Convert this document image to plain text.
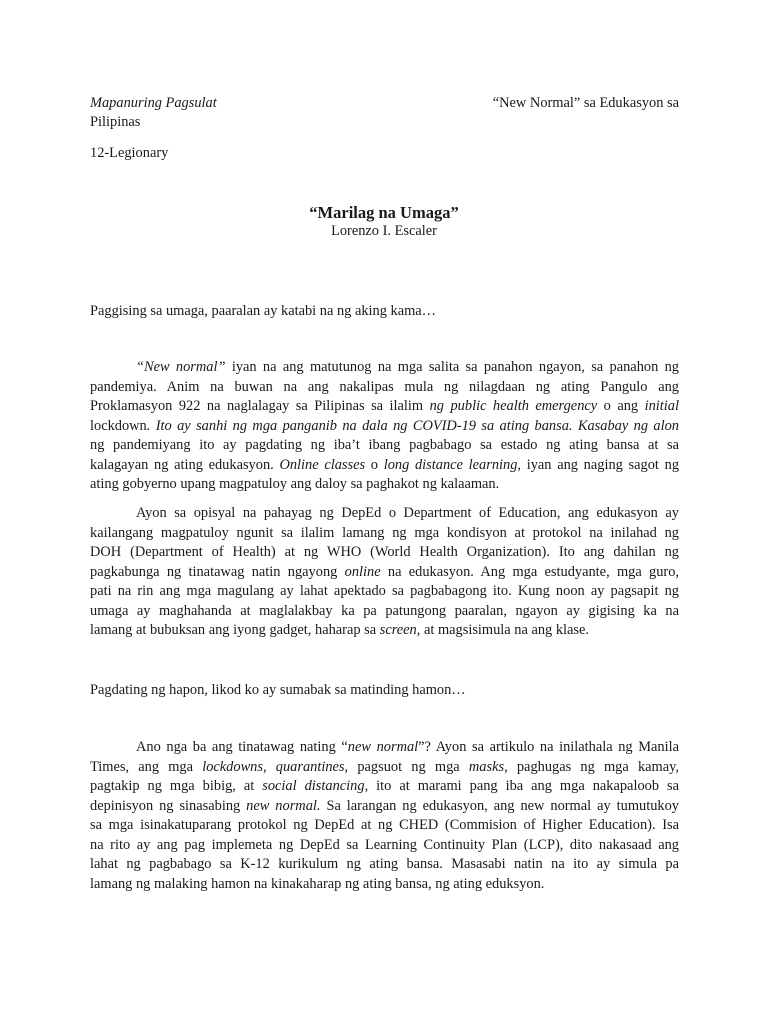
Mapanuring Pagsulat	“New Normal” sa Edukasyon sa
Pilipinas
12-Legionary
“Marilag na Umaga”
Lorenzo I. Escaler
Paggising sa umaga, paaralan ay katabi na ng aking kama…
“New normal” iyan na ang matutunog na mga salita sa panahon ngayon, sa panahon ng
pandemiya. Anim na buwan na ang nakalipas mula ng nilagdaan ng ating Pangulo ang
Proklamasyon 922 na naglalagay sa Pilipinas sa ilalim ng public health emergency o ang initial
lockdown. Ito ay sanhi ng mga panganib na dala ng COVID-19 sa ating bansa. Kasabay ng alon
ng pandemiyang ito ay pagdating ng iba’t ibang pagbabago sa estado ng ating bansa at sa
kalagayan ng ating edukasyon. Online classes o long distance learning, iyan ang naging sagot ng
ating gobyerno upang magpatuloy ang daloy sa paghakot ng kalaaman.
Ayon sa opisyal na pahayag ng DepEd o Department of Education, ang edukasyon ay
kailangang magpatuloy ngunit sa ilalim lamang ng mga kondisyon at protokol na inilahad ng
DOH (Department of Health) at ng WHO (World Health Organization). Ito ang dahilan ng
pagkabunga ng tinatawag natin ngayong online na edukasyon. Ang mga estudyante, mga guro,
pati na rin ang mga magulang ay lahat apektado sa pagbabagong ito. Kung noon ay pagsapit ng
umaga ay maghahanda at maglalakbay ka pa patungong paaralan, ngayon ay gigising ka na
lamang at bubuksan ang iyong gadget, haharap sa screen, at magsisimula na ang klase.
Pagdating ng hapon, likod ko ay sumabak sa matinding hamon…
Ano nga ba ang tinatawag nating “new normal”? Ayon sa artikulo na inilathala ng Manila
Times, ang mga lockdowns, quarantines, pagsuot ng mga masks, paghugas ng mga kamay,
pagtakip ng mga bibig, at social distancing, ito at marami pang iba ang mga nakapaloob sa
depinisyon ng sinasabing new normal. Sa larangan ng edukasyon, ang new normal ay tumutukoy
sa mga isinakatuparang protokol ng DepEd at ng CHED (Commision of Higher Education). Isa
na rito ay ang pag implemeta ng DepEd sa Learning Continuity Plan (LCP), dito nakasaad ang
lahat ng pagbabago sa K-12 kurikulum ng ating bansa. Masasabi natin na ito ay simula pa
lamang ng malaking hamon na kinakaharap ng ating bansa, ng ating eduksyon.
